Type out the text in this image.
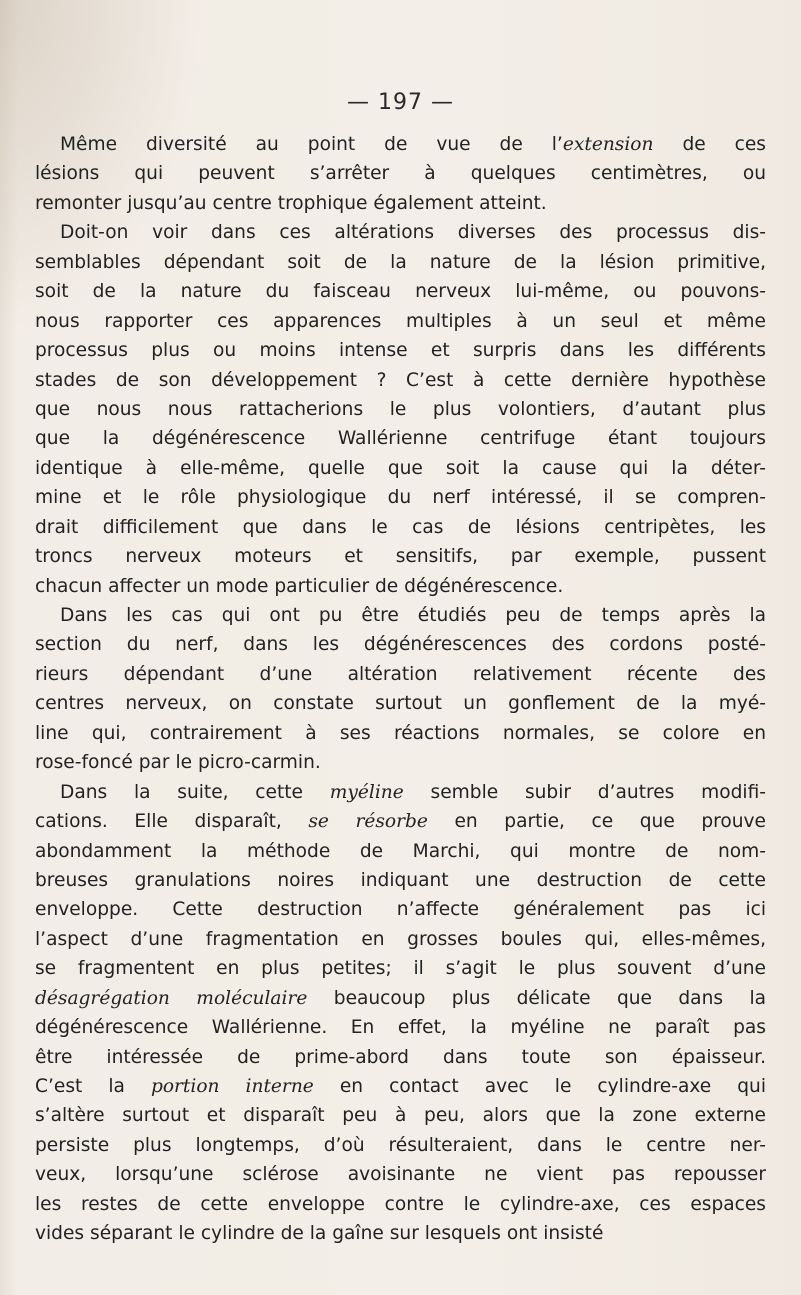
— 197 —
Même diversité au point de vue de l’extension de ces
lésions qui peuvent s’arrêter à quelques centimètres, ou
remonter jusqu’au centre trophique également atteint.
Doit-on voir dans ces altérations diverses des processus dis-
semblables dépendant soit de la nature de la lésion primitive,
soit de la nature du faisceau nerveux lui-même, ou pouvons-
nous rapporter ces apparences multiples à un seul et même
processus plus ou moins intense et surpris dans les différents
stades de son développement ? C’est à cette dernière hypothèse
que nous nous rattacherions le plus volontiers, d’autant plus
que la dégénérescence Wallérienne centrifuge étant toujours
identique à elle-même, quelle que soit la cause qui la déter-
mine et le rôle physiologique du nerf intéressé, il se compren-
drait difficilement que dans le cas de lésions centripètes, les
troncs nerveux moteurs et sensitifs, par exemple, pussent
chacun affecter un mode particulier de dégénérescence.
Dans les cas qui ont pu être étudiés peu de temps après la
section du nerf, dans les dégénérescences des cordons posté-
rieurs dépendant d’une altération relativement récente des
centres nerveux, on constate surtout un gonflement de la myé-
line qui, contrairement à ses réactions normales, se colore en
rose-foncé par le picro-carmin.
Dans la suite, cette myéline semble subir d’autres modifi-
cations. Elle disparaît, se résorbe en partie, ce que prouve
abondamment la méthode de Marchi, qui montre de nom-
breuses granulations noires indiquant une destruction de cette
enveloppe. Cette destruction n’affecte généralement pas ici
l’aspect d’une fragmentation en grosses boules qui, elles-mêmes,
se fragmentent en plus petites; il s’agit le plus souvent d’une
désagrégation moléculaire beaucoup plus délicate que dans la
dégénérescence Wallérienne. En effet, la myéline ne paraît pas
être intéressée de prime-abord dans toute son épaisseur.
C’est la portion interne en contact avec le cylindre-axe qui
s’altère surtout et disparaît peu à peu, alors que la zone externe
persiste plus longtemps, d’où résulteraient, dans le centre ner-
veux, lorsqu’une sclérose avoisinante ne vient pas repousser
les restes de cette enveloppe contre le cylindre-axe, ces espaces
vides séparant le cylindre de la gaîne sur lesquels ont insisté
